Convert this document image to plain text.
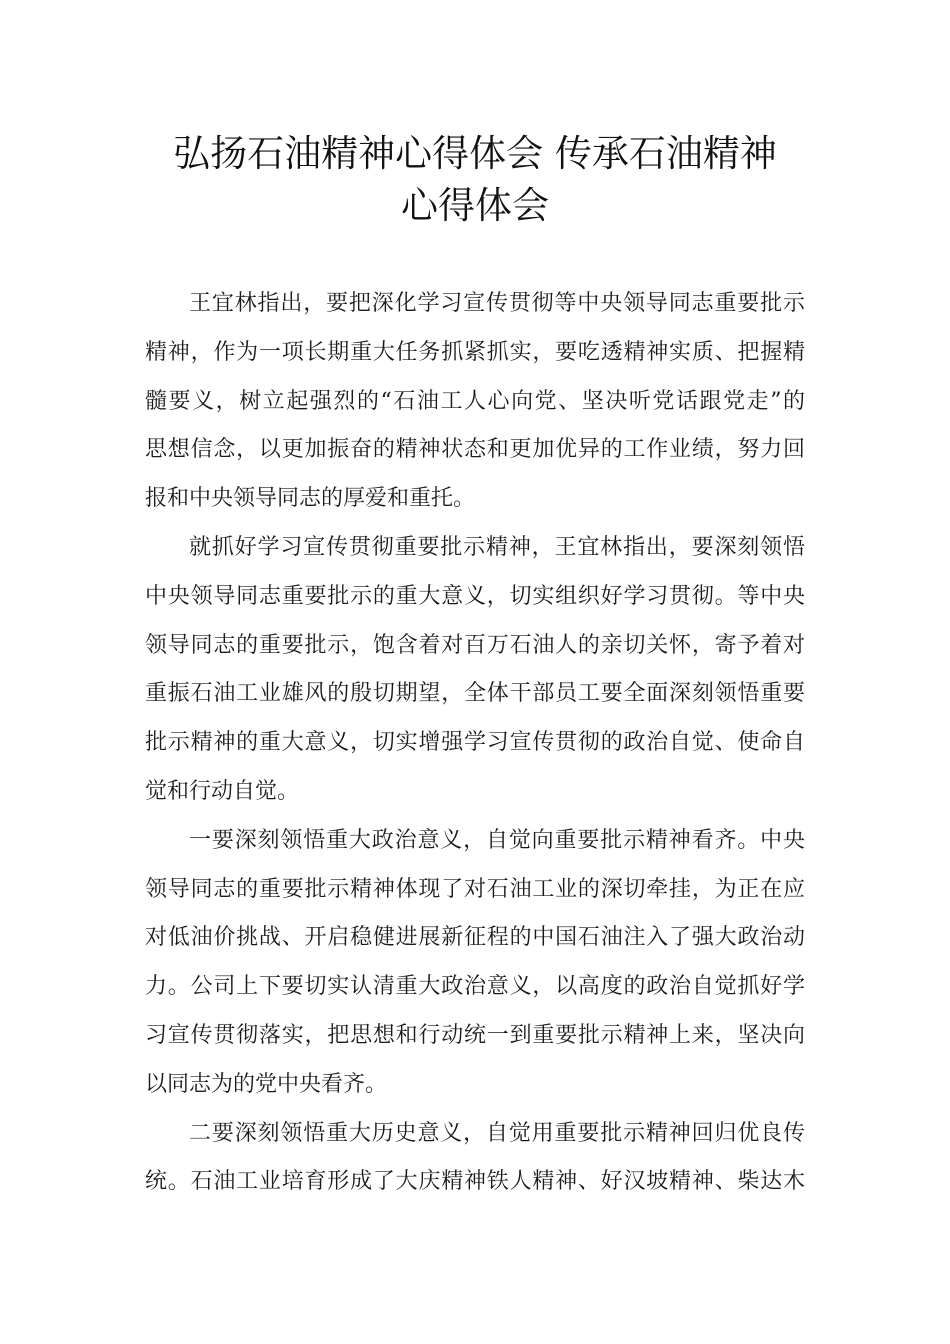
弘扬石油精神心得体会 传承石油精神
心得体会
王宜林指出，要把深化学习宣传贯彻等中央领导同志重要批示
精神，作为一项长期重大任务抓紧抓实，要吃透精神实质、把握精
髓要义，树立起强烈的“石油工人心向党、坚决听党话跟党走”的
思想信念，以更加振奋的精神状态和更加优异的工作业绩，努力回
报和中央领导同志的厚爱和重托。
就抓好学习宣传贯彻重要批示精神，王宜林指出，要深刻领悟
中央领导同志重要批示的重大意义，切实组织好学习贯彻。等中央
领导同志的重要批示，饱含着对百万石油人的亲切关怀，寄予着对
重振石油工业雄风的殷切期望，全体干部员工要全面深刻领悟重要
批示精神的重大意义，切实增强学习宣传贯彻的政治自觉、使命自
觉和行动自觉。
一要深刻领悟重大政治意义，自觉向重要批示精神看齐。中央
领导同志的重要批示精神体现了对石油工业的深切牵挂，为正在应
对低油价挑战、开启稳健进展新征程的中国石油注入了强大政治动
力。公司上下要切实认清重大政治意义，以高度的政治自觉抓好学
习宣传贯彻落实，把思想和行动统一到重要批示精神上来，坚决向
以同志为的党中央看齐。
二要深刻领悟重大历史意义，自觉用重要批示精神回归优良传
统。石油工业培育形成了大庆精神铁人精神、好汉坡精神、柴达木
